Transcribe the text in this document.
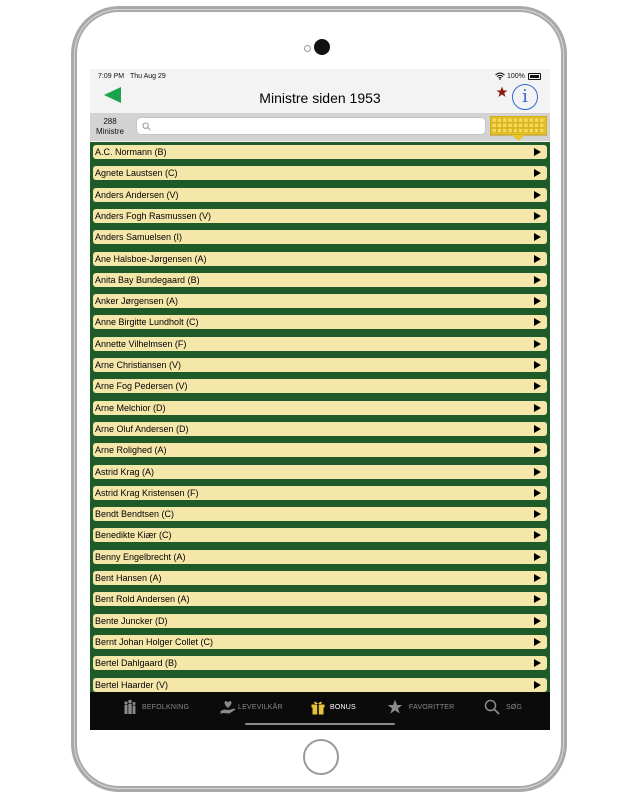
7:09 PM Thu Aug 29	100%
Ministre siden 1953	i
288
Ministre
A.C. Normann (B)
Agnete Laustsen (C)
Anders Andersen (V)
Anders Fogh Rasmussen (V)
Anders Samuelsen (I)
Ane Halsboe-Jørgensen (A)
Anita Bay Bundegaard (B)
Anker Jørgensen (A)
Anne Birgitte Lundholt (C)
Annette Vilhelmsen (F)
Arne Christiansen (V)
Arne Fog Pedersen (V)
Arne Melchior (D)
Arne Oluf Andersen (D)
Arne Rolighed (A)
Astrid Krag (A)
Astrid Krag Kristensen (F)
Bendt Bendtsen (C)
Benedikte Kiær (C)
Benny Engelbrecht (A)
Bent Hansen (A)
Bent Rold Andersen (A)
Bente Juncker (D)
Bernt Johan Holger Collet (C)
Bertel Dahlgaard (B)
Bertel Haarder (V)
BEFOLKNING	LEVEVILKÅR	BONUS	FAVORITTER	SØG
